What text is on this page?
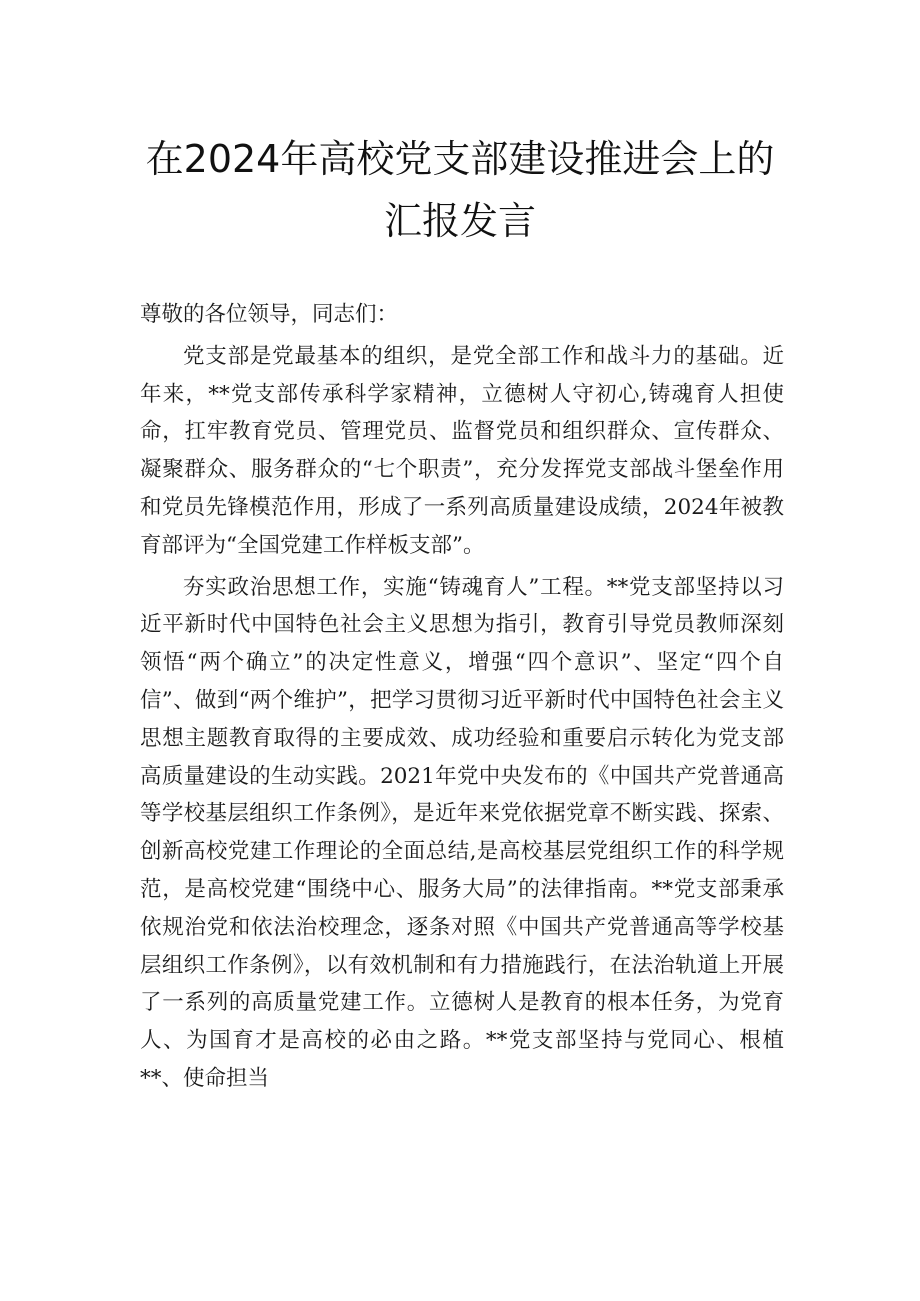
在2024年高校党支部建设推进会上的汇报发言

尊敬的各位领导，同志们：

党支部是党最基本的组织，是党全部工作和战斗力的基础。近年来，**党支部传承科学家精神，立德树人守初心,铸魂育人担使命，扛牢教育党员、管理党员、监督党员和组织群众、宣传群众、凝聚群众、服务群众的“七个职责”，充分发挥党支部战斗堡垒作用和党员先锋模范作用，形成了一系列高质量建设成绩，2024年被教育部评为“全国党建工作样板支部”。

夯实政治思想工作，实施“铸魂育人”工程。**党支部坚持以习近平新时代中国特色社会主义思想为指引，教育引导党员教师深刻领悟“两个确立”的决定性意义，增强“四个意识”、坚定“四个自信”、做到“两个维护”，把学习贯彻习近平新时代中国特色社会主义思想主题教育取得的主要成效、成功经验和重要启示转化为党支部高质量建设的生动实践。2021年党中央发布的《中国共产党普通高等学校基层组织工作条例》，是近年来党依据党章不断实践、探索、创新高校党建工作理论的全面总结,是高校基层党组织工作的科学规范，是高校党建“围绕中心、服务大局”的法律指南。**党支部秉承依规治党和依法治校理念，逐条对照《中国共产党普通高等学校基层组织工作条例》，以有效机制和有力措施践行，在法治轨道上开展了一系列的高质量党建工作。立德树人是教育的根本任务，为党育人、为国育才是高校的必由之路。**党支部坚持与党同心、根植**、使命担当
